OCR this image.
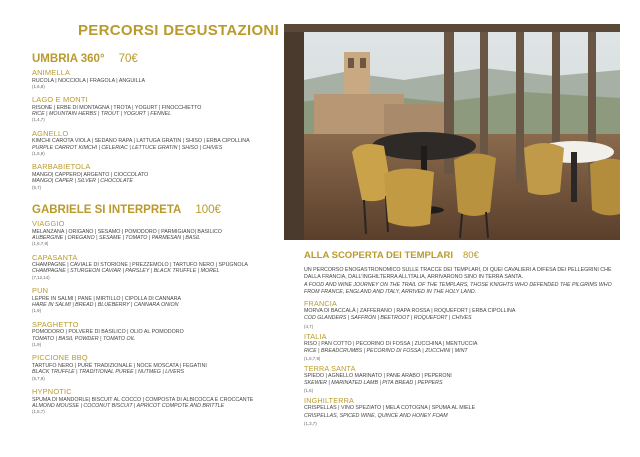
PERCORSI DEGUSTAZIONI
UMBRIA 360° 70€
ANIMELLA
RUCOLA | NOCCIOLA | FRAGOLA | ANGUILLA
(1,6,8)
LAGO E MONTI
RISONE | ERBE DI MONTAGNA | TROTA | YOGURT | FINOCCHIETTO
RICE | MOUNTAIN HERBS | TROUT | YOGURT | FENNEL
(1,4,7)
AGNELLO
KIMCHI CAROTA VIOLA | SEDANO RAPA | LATTUGA GRATIN | SHISO | ERBA CIPOLLINA
PURPLE CARROT KIMCHI | CELERIAC | LETTUCE GRATIN | SHISO | CHIVES
(1,6,9)
BARBABIETOLA
MANGO| CAPPERO| ARGENTO | CIOCCOLATO
MANGO| CAPER | SILVER | CHOCOLATE
(5,7)
GABRIELE SI INTERPRETA 100€
VIAGGIO
MELANZANA | ORIGANO | SESAMO | POMODORO | PARMIGIANO| BASILICO
AUBERGINE | OREGANO | SESAME | TOMATO | PARMESAN | BASIL
(1,6,7,9)
CAPASANTA
CHAMPAGNE | CAVIALE DI STORIONE | PREZZEMOLO | TARTUFO NERO | SPUGNOLA
CHAMPAGNE | STURGEON CAVIAR | PARSLEY | BLACK TRUFFLE | MOREL
(7,12,14)
PUN
LEPRE IN SALMI | PANE | MIRTILLO | CIPOLLA DI CANNARA
HARE IN SALMI | BREAD | BLUEBERRY | CANNARA ONION
(1,9)
SPAGHETTO
POMODORO | POLVERE DI BASILICO | OLIO AL POMODORO
TOMATO | BASIL POWDER | TOMATO OIL
(1,9)
PICCIONE BBQ
TARTUFO NERO | PURÉ TRADIZIONALE | NOCE MOSCATA | FEGATINI
BLACK TRUFFLE | TRADITIONAL PUREE | NUTMEG | LIVERS
(5,7,9)
HYPNOTIC
SPUMA DI MANDORLE| BISCUIT AL COCCO | COMPOSTA DI ALBICOCCA E CROCCANTE
ALMOND MOUSSE | COCONUT BISCUIT | APRICOT COMPOTE AND BRITTLE
(1,5,7)
ALLA SCOPERTA DEI TEMPLARI 80€
UN PERCORSO ENOGASTRONOMICO SULLE TRACCE DEI TEMPLARI, DI QUEI CAVALIERI A DIFESA DEI PELLEGRINI CHE DALLA FRANCIA, DALL'INGHILTERRA ALL'ITALIA, ARRIVARONO SINO IN TERRA SANTA.
A FOOD AND WINE JOURNEY ON THE TRAIL OF THE TEMPLARS, THOSE KNIGHTS WHO DEFENDED THE PILGRIMS WHO FROM FRANCE, ENGLAND AND ITALY, ARRIVED IN THE HOLY LAND.
FRANCIA
MORVA DI BACCALÀ | ZAFFERANO | RAPA ROSSA | ROQUEFORT | ERBA CIPOLLINA
COD GLANDERS | SAFFRON | BEETROOT | ROQUEFORT | CHIVES
(4,7)
ITALIA
RISO | PAN COTTO | PECORINO DI FOSSA | ZUCCHINA | MENTUCCIA
RICE | BREADCRUMBS | PECORINO DI FOSSA | ZUCCHINI | MINT
(1,5,7,9)
TERRA SANTA
SPIEDO | AGNELLO MARINATO | PANE ARABO | PEPERONI
SKEWER | MARINATED LAMB | PITA BREAD | PEPPERS
(1,6)
INGHILTERRA
CRISPELLAS | VINO SPEZIATO | MELA COTOGNA | SPUMA AL MIELE
CRISPELLAS, SPICED WINE, QUINCE AND HONEY FOAM
(1,3,7)
